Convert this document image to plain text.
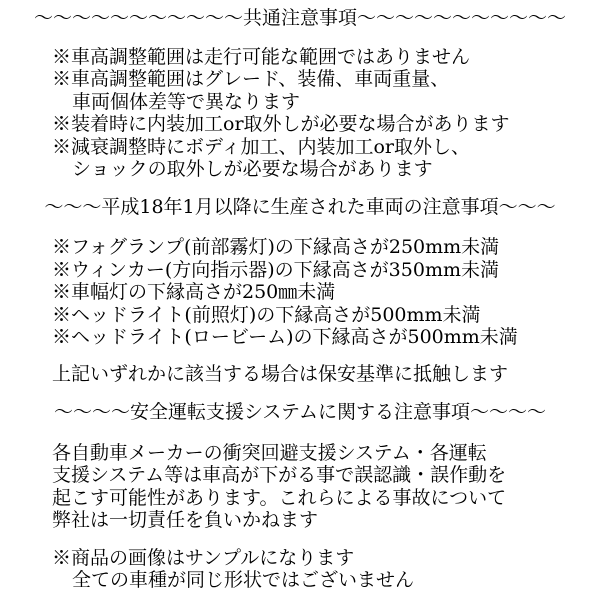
～～～～～～～～～～～共通注意事項～～～～～～～～～～～
※車高調整範囲は走行可能な範囲ではありません
※車高調整範囲はグレード、装備、車両重量、
車両個体差等で異なります
※装着時に内装加工or取外しが必要な場合があります
※減衰調整時にボディ加工、内装加工or取外し、
ショックの取外しが必要な場合があります
～～～平成18年1月以降に生産された車両の注意事項～～～
※フォグランプ(前部霧灯)の下縁高さが250mm未満
※ウィンカー(方向指示器)の下縁高さが350mm未満
※車幅灯の下縁高さが250㎜未満
※ヘッドライト(前照灯)の下縁高さが500mm未満
※ヘッドライト(ロービーム)の下縁高さが500mm未満
上記いずれかに該当する場合は保安基準に抵触します
～～～～安全運転支援システムに関する注意事項～～～～
各自動車メーカーの衝突回避支援システム・各運転
支援システム等は車高が下がる事で誤認識・誤作動を
起こす可能性があります。これらによる事故について
弊社は一切責任を負いかねます
※商品の画像はサンプルになります
全ての車種が同じ形状ではございません
